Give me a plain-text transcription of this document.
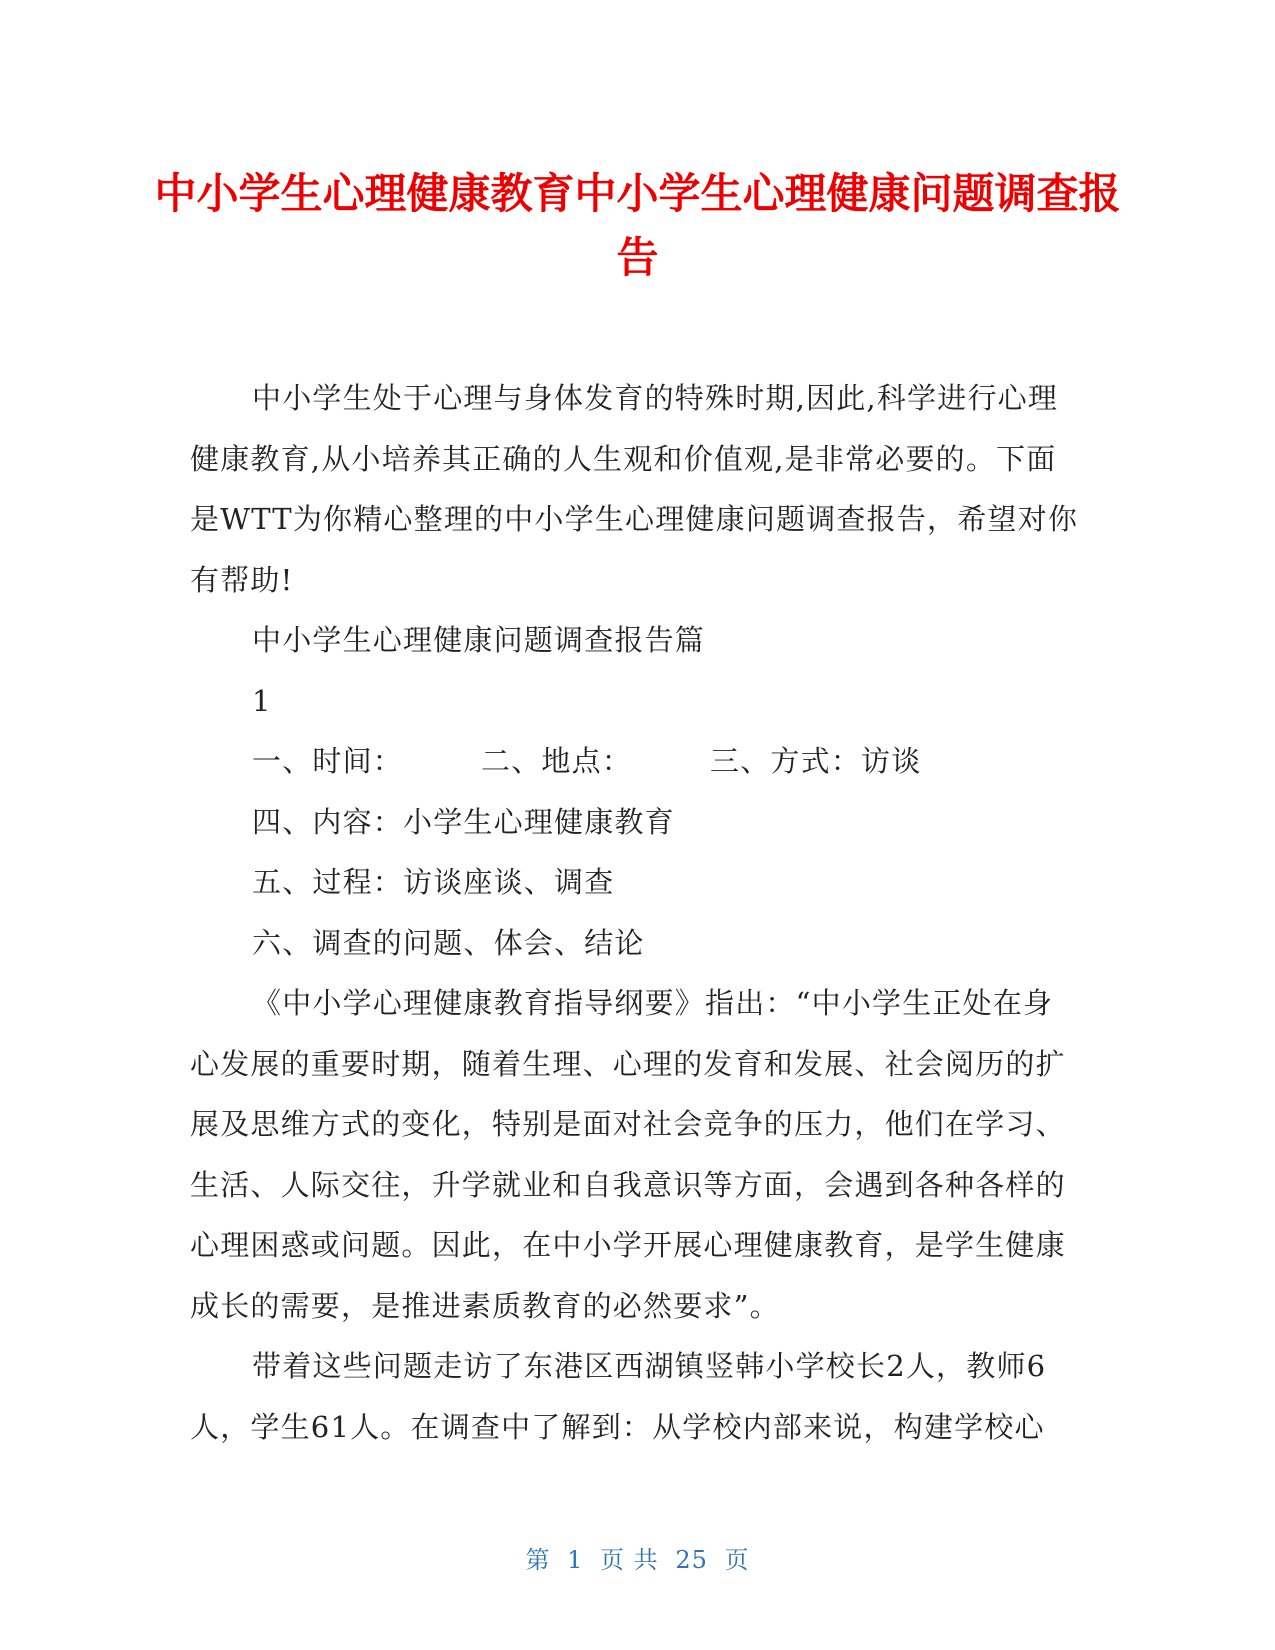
中小学生心理健康教育中小学生心理健康问题调查报告

中小学生处于心理与身体发育的特殊时期,因此,科学进行心理健康教育,从小培养其正确的人生观和价值观,是非常必要的。下面是WTT为你精心整理的中小学生心理健康问题调查报告，希望对你有帮助!

中小学生心理健康问题调查报告篇

1

一、时间：	二、地点：	三、方式：访谈

四、内容：小学生心理健康教育

五、过程：访谈座谈、调查

六、调查的问题、体会、结论

《中小学心理健康教育指导纲要》指出：“中小学生正处在身心发展的重要时期，随着生理、心理的发育和发展、社会阅历的扩展及思维方式的变化，特别是面对社会竞争的压力，他们在学习、生活、人际交往，升学就业和自我意识等方面，会遇到各种各样的心理困惑或问题。因此，在中小学开展心理健康教育，是学生健康成长的需要，是推进素质教育的必然要求”。

带着这些问题走访了东港区西湖镇竖韩小学校长2人，教师6人，学生61人。在调查中了解到：从学校内部来说，构建学校心

第 1 页 共 25 页
